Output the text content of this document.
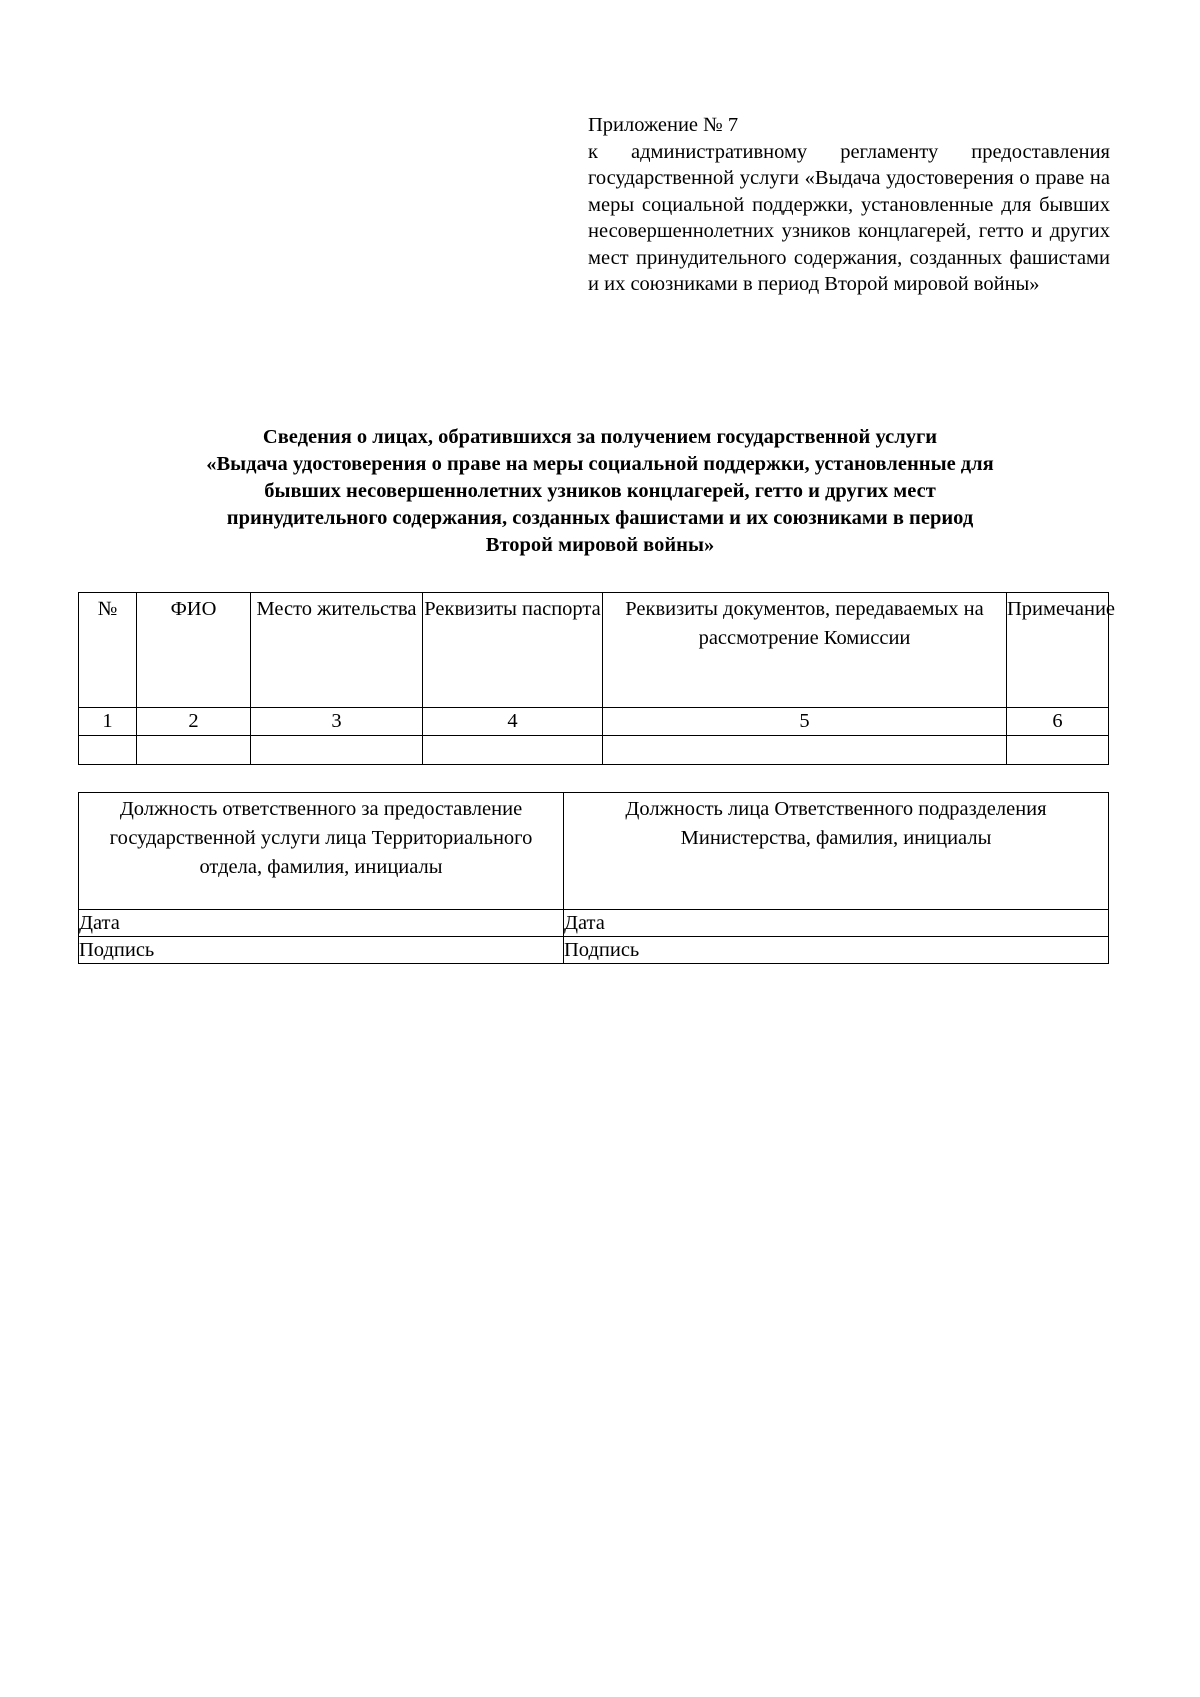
Приложение № 7
к административному регламенту предоставления государственной услуги «Выдача удостоверения о праве на меры социальной поддержки, установленные для бывших несовершеннолетних узников концлагерей, гетто и других мест принудительного содержания, созданных фашистами и их союзниками в период Второй мировой войны»
Сведения о лицах, обратившихся за получением государственной услуги
«Выдача удостоверения о праве на меры социальной поддержки, установленные для
бывших несовершеннолетних узников концлагерей, гетто и других мест
принудительного содержания, созданных фашистами и их союзниками в период
Второй мировой войны»
№	ФИО	Место жительства	Реквизиты паспорта	Реквизиты документов, передаваемых на рассмотрение Комиссии	Примечание
1	2	3	4	5	6

Должность ответственного за предоставление государственной услуги лица Территориального отдела, фамилия, инициалы	Должность лица Ответственного подразделения Министерства, фамилия, инициалы
Дата	Дата
Подпись	Подпись
